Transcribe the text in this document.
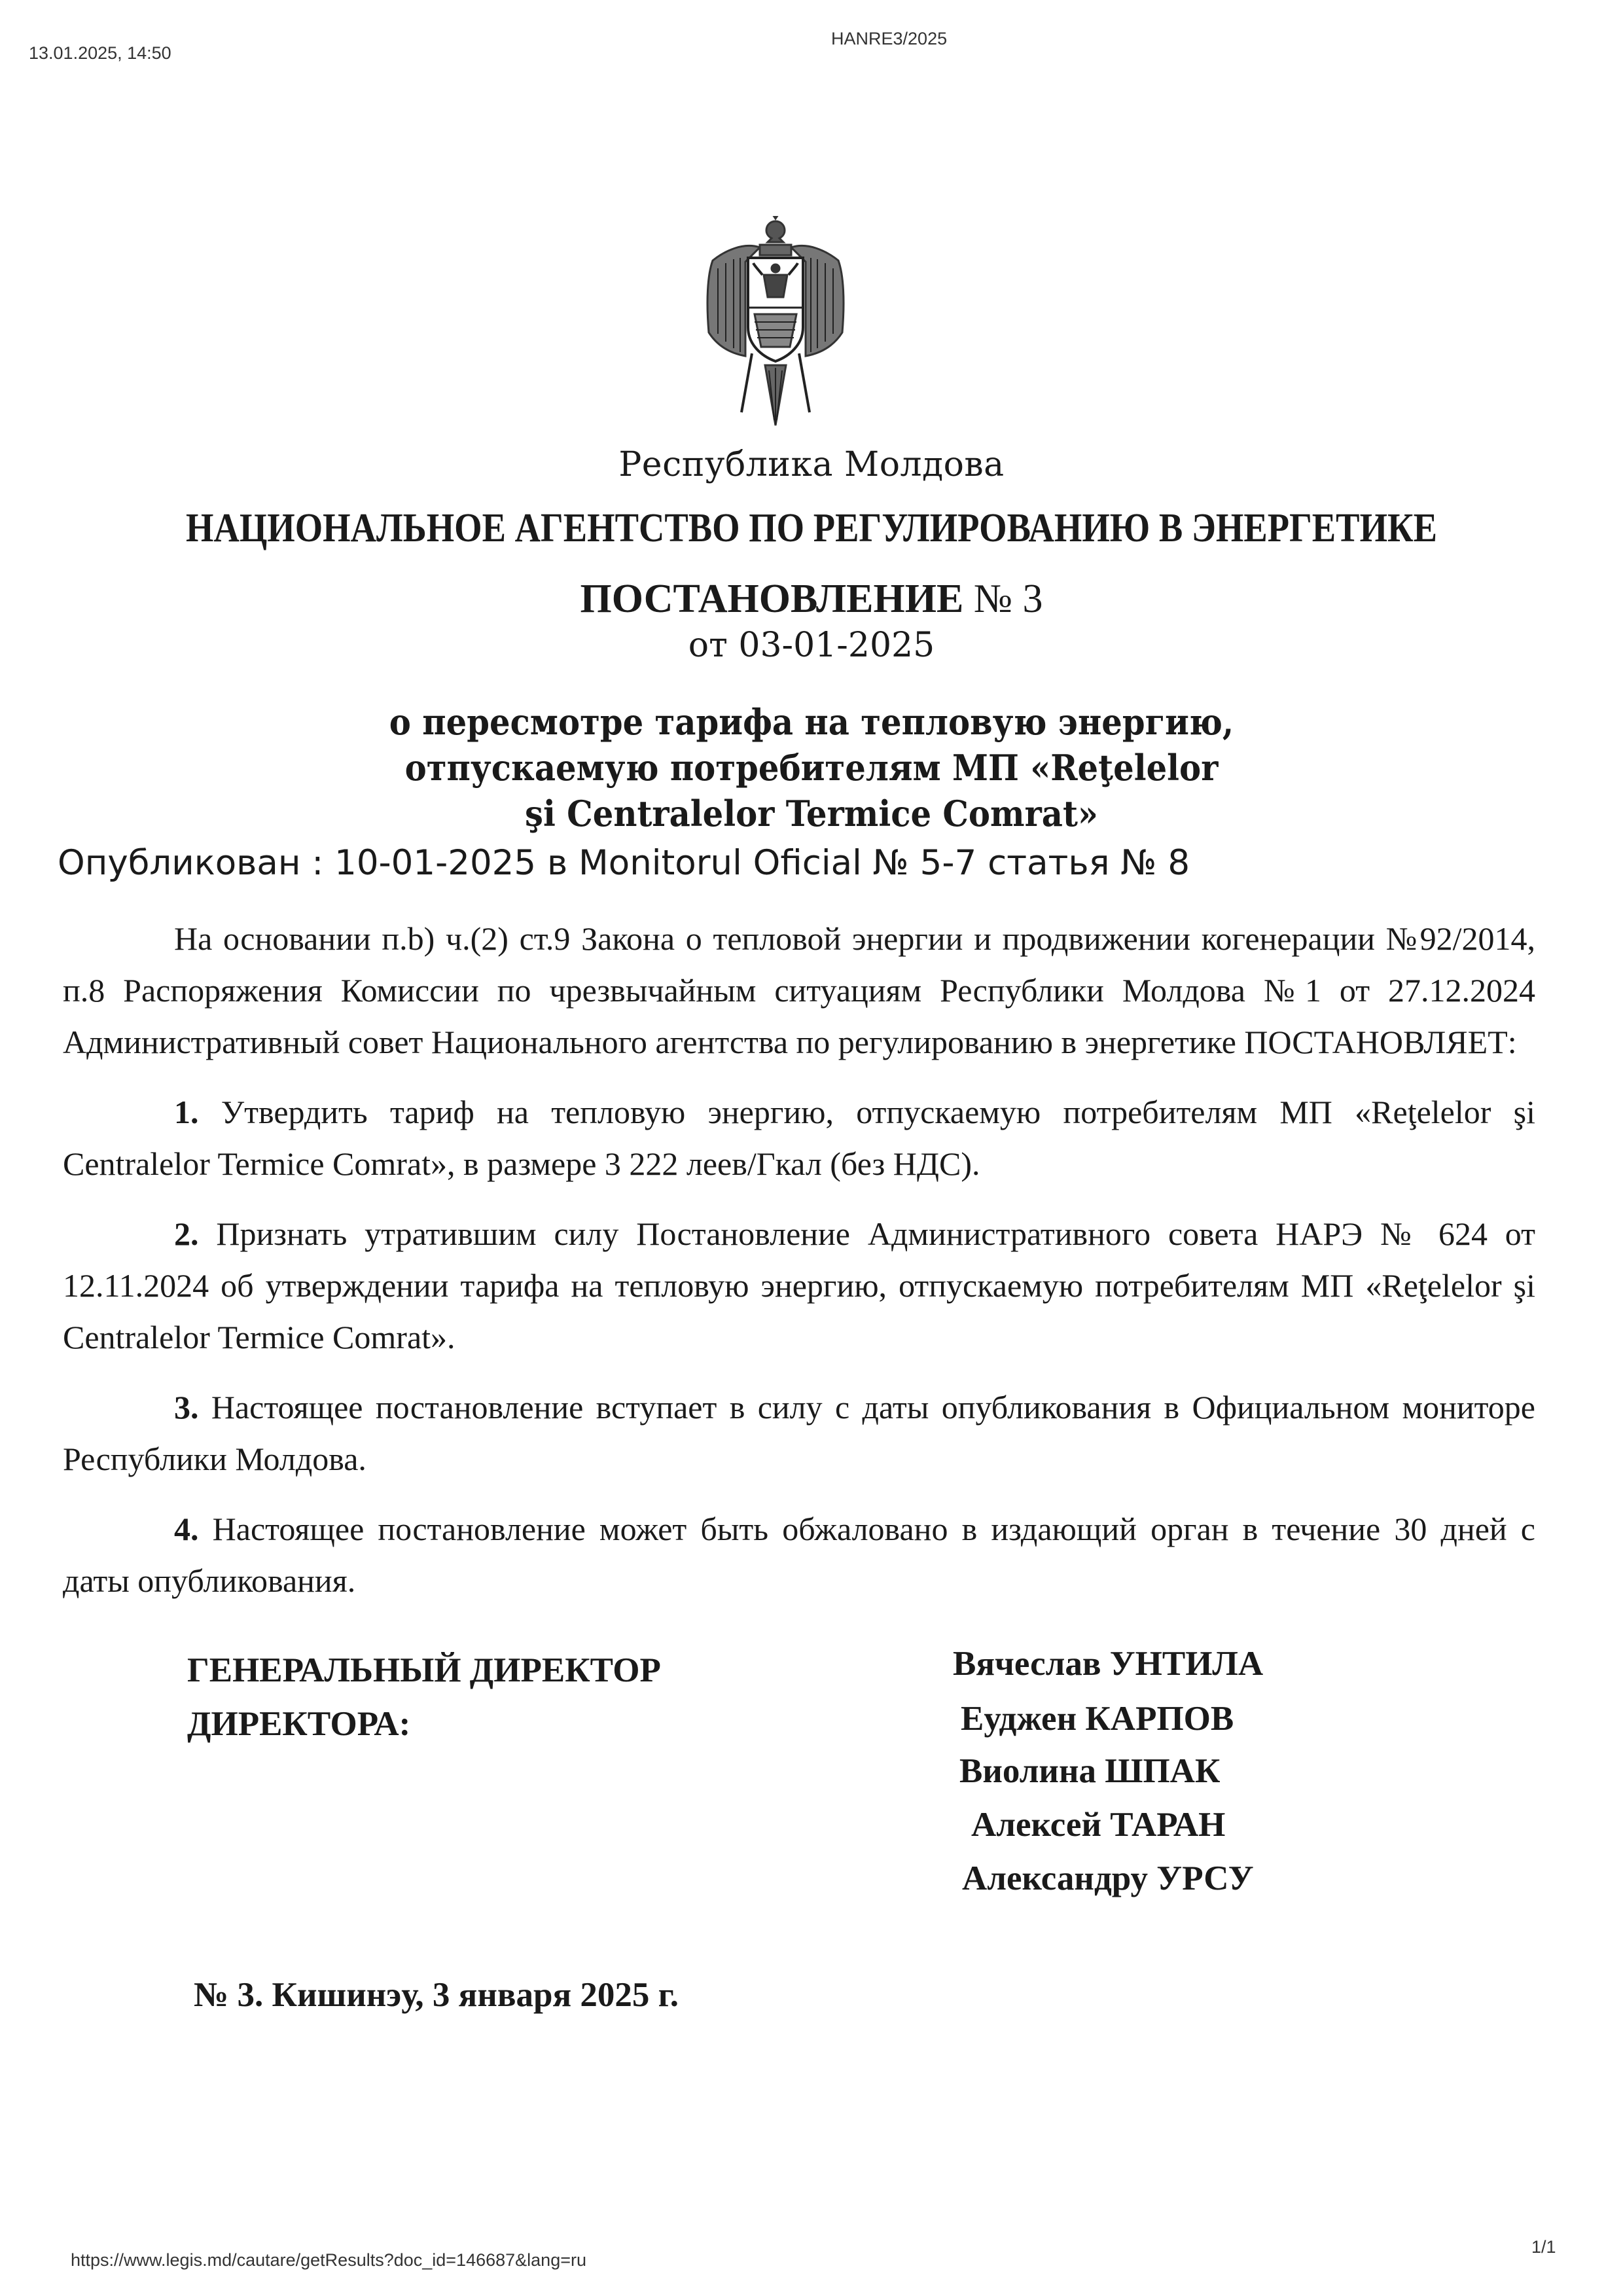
13.01.2025, 14:50
HANRE3/2025
Республика Молдова
НАЦИОНАЛЬНОЕ АГЕНТСТВО ПО РЕГУЛИРОВАНИЮ В ЭНЕРГЕТИКЕ
ПОСТАНОВЛЕНИЕ № 3
от 03-01-2025
о пересмотре тарифа на тепловую энергию,
отпускаемую потребителям МП «Reţelelor
şi Centralelor Termice Comrat»
Опубликован : 10-01-2025 в Monitorul Oficial № 5-7 статья № 8

На основании п.b) ч.(2) ст.9 Закона о тепловой энергии и продвижении когенерации №92/2014, п.8 Распоряжения Комиссии по чрезвычайным ситуациям Республики Молдова №1 от 27.12.2024 Административный совет Национального агентства по регулированию в энергетике ПОСТАНОВЛЯЕТ:

1. Утвердить тариф на тепловую энергию, отпускаемую потребителям МП «Reţelelor şi Centralelor Termice Comrat», в размере 3 222 леев/Гкал (без НДС).

2. Признать утратившим силу Постановление Административного совета НАРЭ № 624 от 12.11.2024 об утверждении тарифа на тепловую энергию, отпускаемую потребителям МП «Reţelelor şi Centralelor Termice Comrat».

3. Настоящее постановление вступает в силу с даты опубликования в Официальном мониторе Республики Молдова.

4. Настоящее постановление может быть обжаловано в издающий орган в течение 30 дней с даты опубликования.

ГЕНЕРАЛЬНЫЙ ДИРЕКТОР
ДИРЕКТОРА:
Вячеслав УНТИЛА
Еуджен КАРПОВ
Виолина ШПАК
Алексей ТАРАН
Александру УРСУ
№ 3. Кишинэу, 3 января 2025 г.
https://www.legis.md/cautare/getResults?doc_id=146687&lang=ru
1/1
